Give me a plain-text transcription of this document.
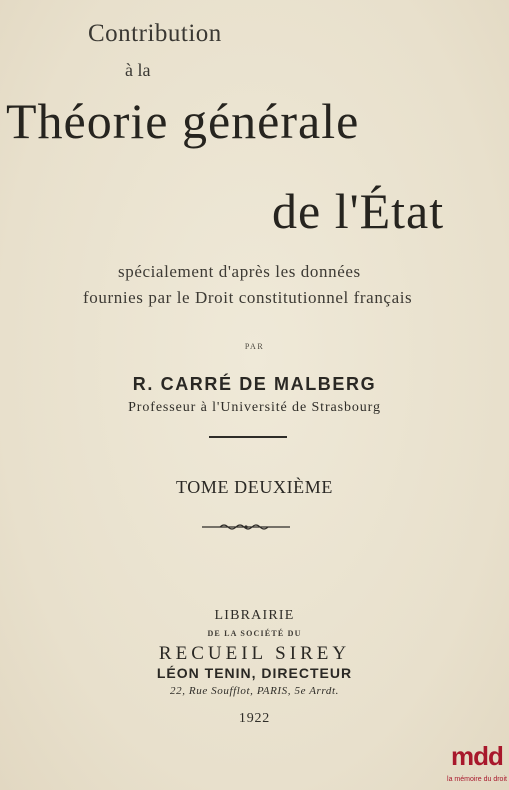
Contribution
à la
Théorie générale
de l'État
spécialement d'après les données
fournies par le Droit constitutionnel français
PAR
R. CARRÉ DE MALBERG
Professeur à l'Université de Strasbourg
TOME DEUXIÈME
LIBRAIRIE
DE LA SOCIÉTÉ DU
RECUEIL SIREY
LÉON TENIN, DIRECTEUR
22, Rue Soufflot, PARIS, 5e Arrdt.
1922
mdd
la mémoire du droit
